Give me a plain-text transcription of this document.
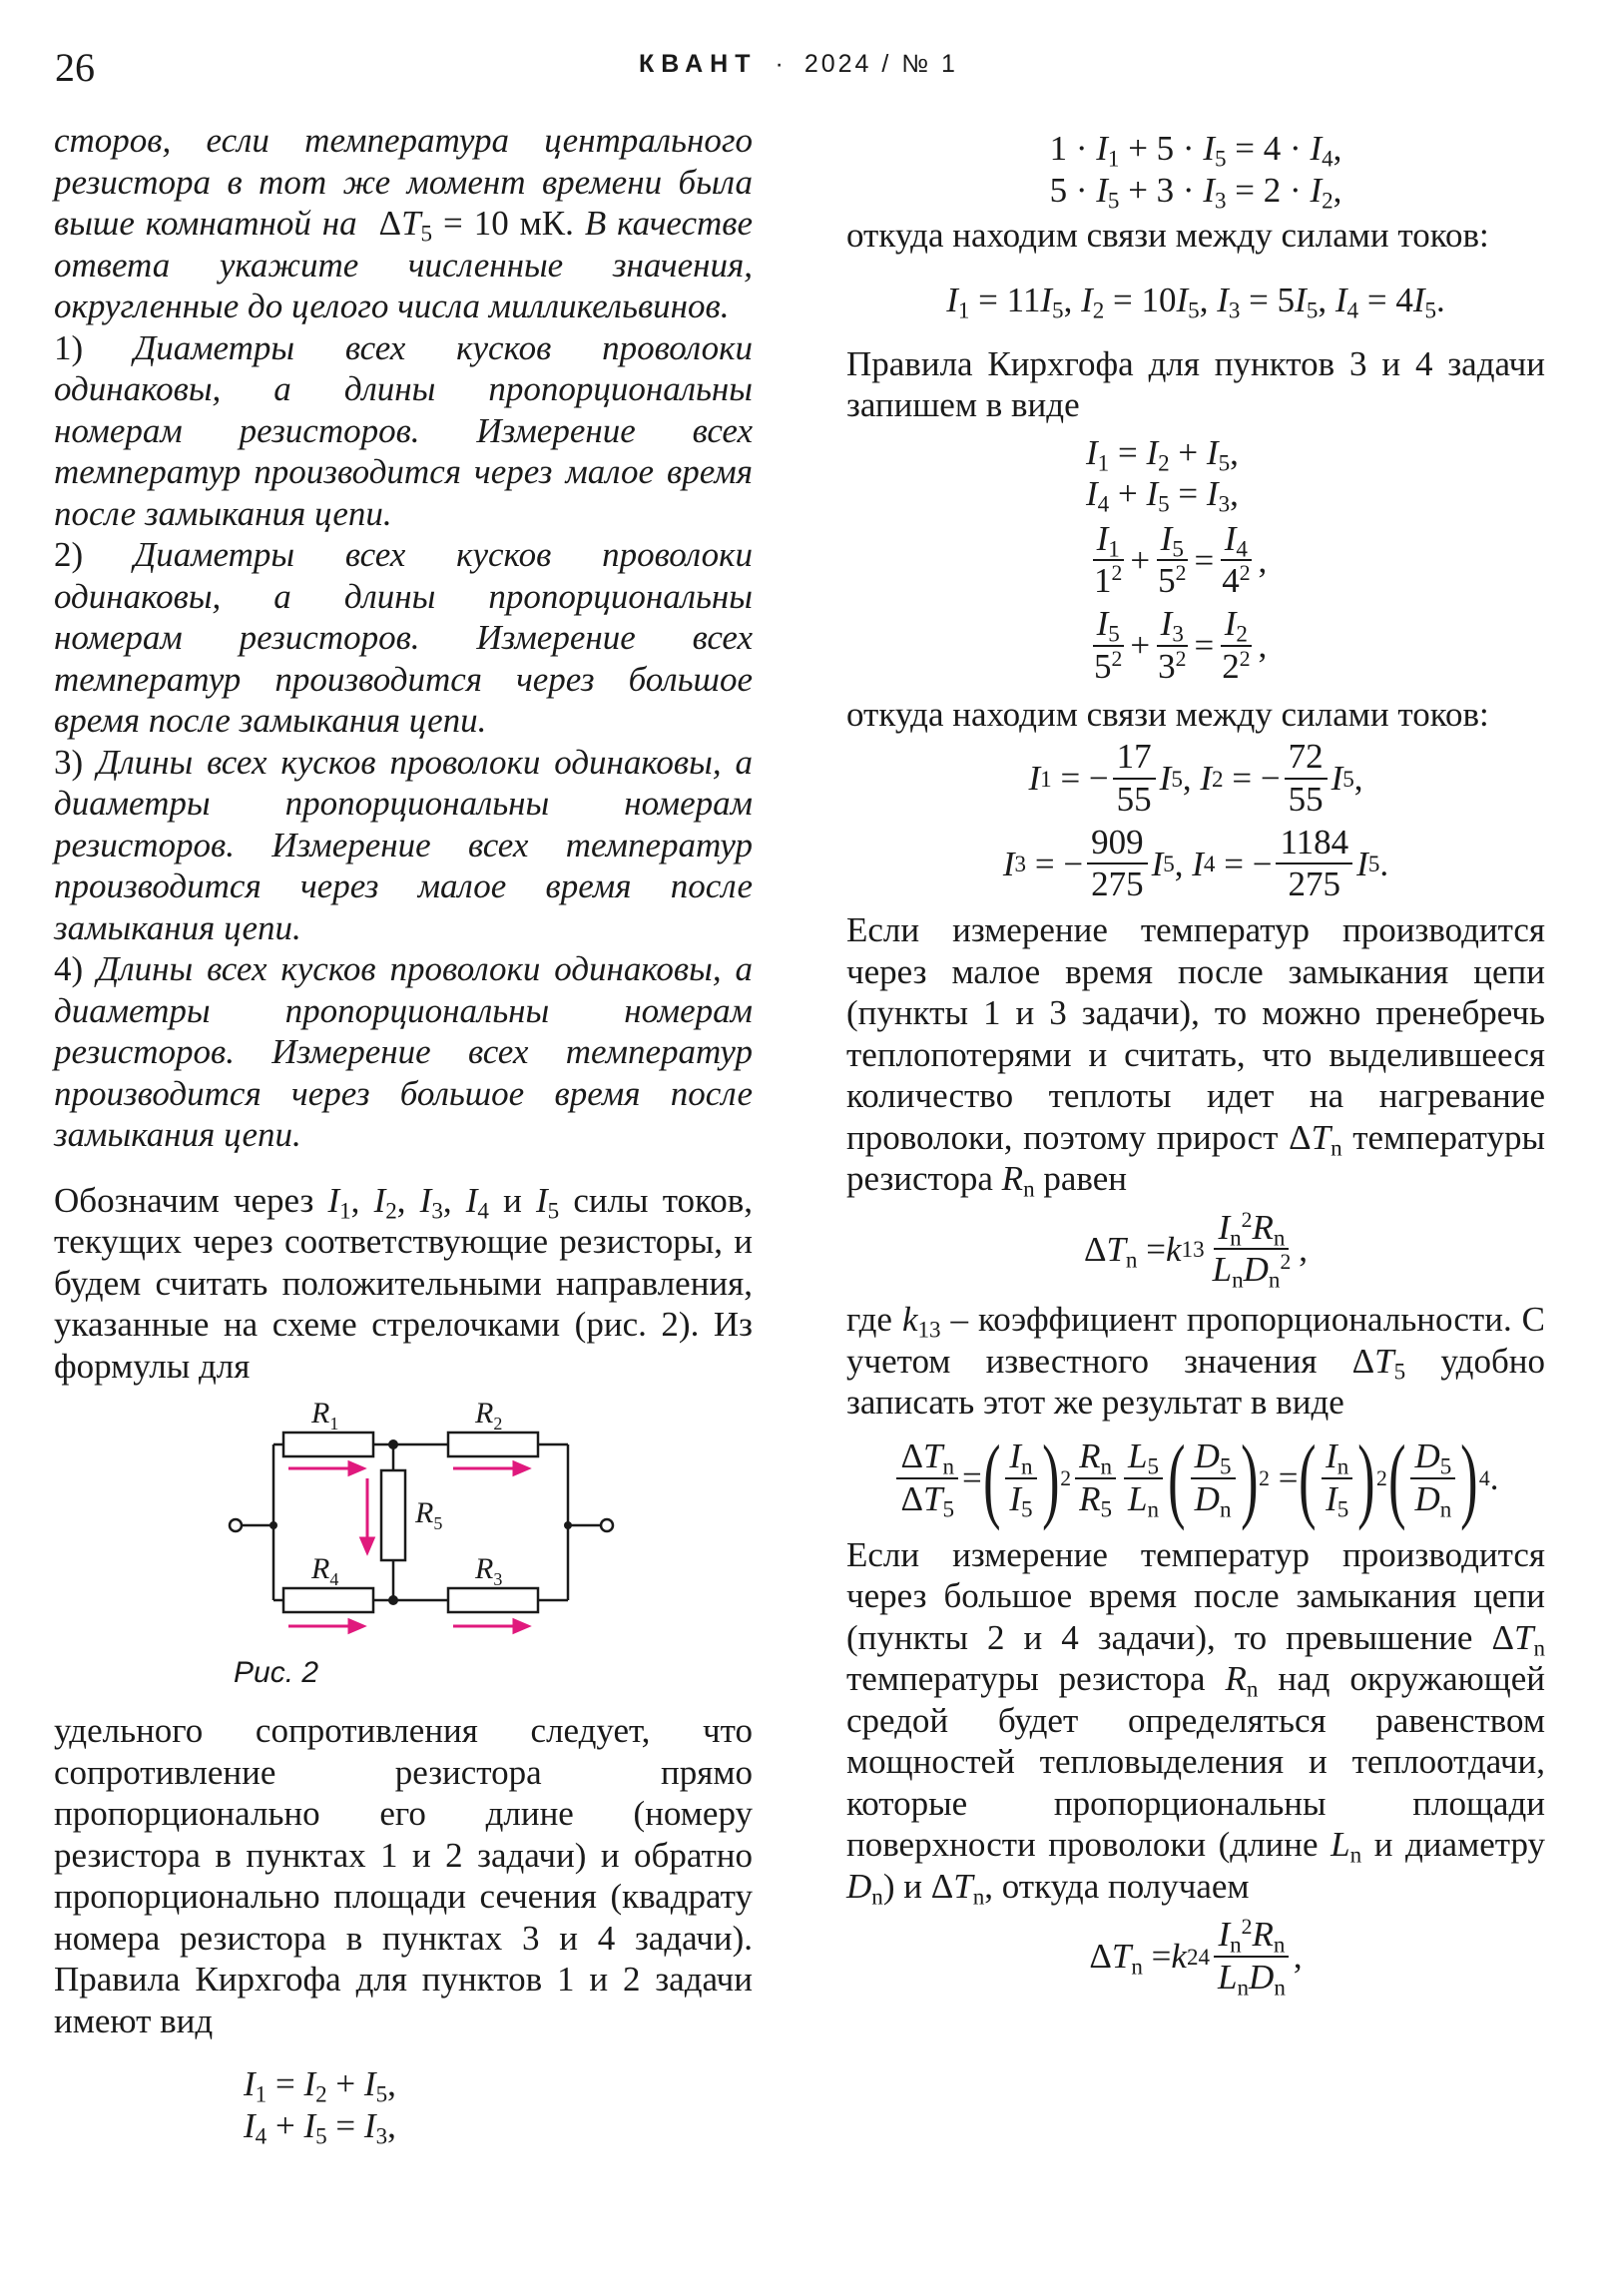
26	КВАНТ · 2024 / № 1

сторов, если температура центрального резистора в тот же момент времени была выше комнатной на  $\Delta T_5 = 10$ мК. В качестве ответа укажите численные значения, округленные до целого числа милликельвинов.

1) Диаметры всех кусков проволоки одинаковы, а длины пропорциональны номерам резисторов. Измерение всех температур производится через малое время после замыкания цепи.

2) Диаметры всех кусков проволоки одинаковы, а длины пропорциональны номерам резисторов. Измерение всех температур производится через большое время после замыкания цепи.

3) Длины всех кусков проволоки одинаковы, а диаметры пропорциональны номерам резисторов. Измерение всех температур производится через малое время после замыкания цепи.

4) Длины всех кусков проволоки одинаковы, а диаметры пропорциональны номерам резисторов. Измерение всех температур производится через большое время после замыкания цепи.

Обозначим через $I_1$, $I_2$, $I_3$, $I_4$ и $I_5$ силы токов, текущих через соответствующие резисторы, и будем считать положительными направления, указанные на схеме стрелочками (рис. 2). Из формулы для

$R_1$	$R_2$
$R_5$
$R_4$	$R_3$
Рис. 2

удельного сопротивления следует, что сопротивление резистора прямо пропорционально его длине (номеру резистора в пунктах 1 и 2 задачи) и обратно пропорционально площади сечения (квадрату номера резистора в пунктах 3 и 4 задачи). Правила Кирхгофа для пунктов 1 и 2 задачи имеют вид

$I_1 = I_2 + I_5$,
$I_4 + I_5 = I_3$,
$1 \cdot I_1 + 5 \cdot I_5 = 4 \cdot I_4$,
$5 \cdot I_5 + 3 \cdot I_3 = 2 \cdot I_2$,

откуда находим связи между силами токов:

$I_1 = 11I_5$, $I_2 = 10I_5$, $I_3 = 5I_5$, $I_4 = 4I_5$.

Правила Кирхгофа для пунктов 3 и 4 задачи запишем в виде

$I_1 = I_2 + I_5$,
$I_4 + I_5 = I_3$,
$\frac{I_1}{1^2} + \frac{I_5}{5^2} = \frac{I_4}{4^2}$ ,
$\frac{I_5}{5^2} + \frac{I_3}{3^2} = \frac{I_2}{2^2}$ ,

откуда находим связи между силами токов:

I 1 = − $\frac{17}{55}$ I 5 , I 2 = − $\frac{72}{55}$ I 5 ,
I 3 = − $\frac{909}{275}$ I 5 , I 4 = − $\frac{1184}{275}$ I 5 .

Если измерение температур производится через малое время после замыкания цепи (пункты 1 и 3 задачи), то можно пренебречь теплопотерями и считать, что выделившееся количество теплоты идет на нагревание проволоки, поэтому прирост $\Delta T_n$ температуры резистора $R_n$ равен

Δ $T_n = k$ $13 \frac{I_n^2R_n}{L_nD_n^2}$ ,

где $k_{13}$ – коэффициент пропорциональности. С учетом известного значения $\Delta T_5$ удобно записать этот же результат в виде

$\frac{\Delta T_n}{\Delta T_5}$ = ( $\frac{I_n}{I_5}$ ) $2 \frac{R_n}{R_5} \frac{L_5}{L_n}$ ( $\frac{D_5}{D_n}$ ) 2 = ( $\frac{I_n}{I_5}$ ) 2 ( $\frac{D_5}{D_n}$ ) 4 .

Если измерение температур производится через большое время после замыкания цепи (пункты 2 и 4 задачи), то превышение $\Delta T_n$ температуры резистора $R_n$ над окружающей средой будет определяться равенством мощностей тепловыделения и теплоотдачи, которые пропорциональны площади поверхности проволоки (длине $L_n$ и диаметру $D_n$) и $\Delta T_n$, откуда получаем

Δ $T_n = k$ $24 \frac{I_n^2R_n}{L_nD_n}$ ,
